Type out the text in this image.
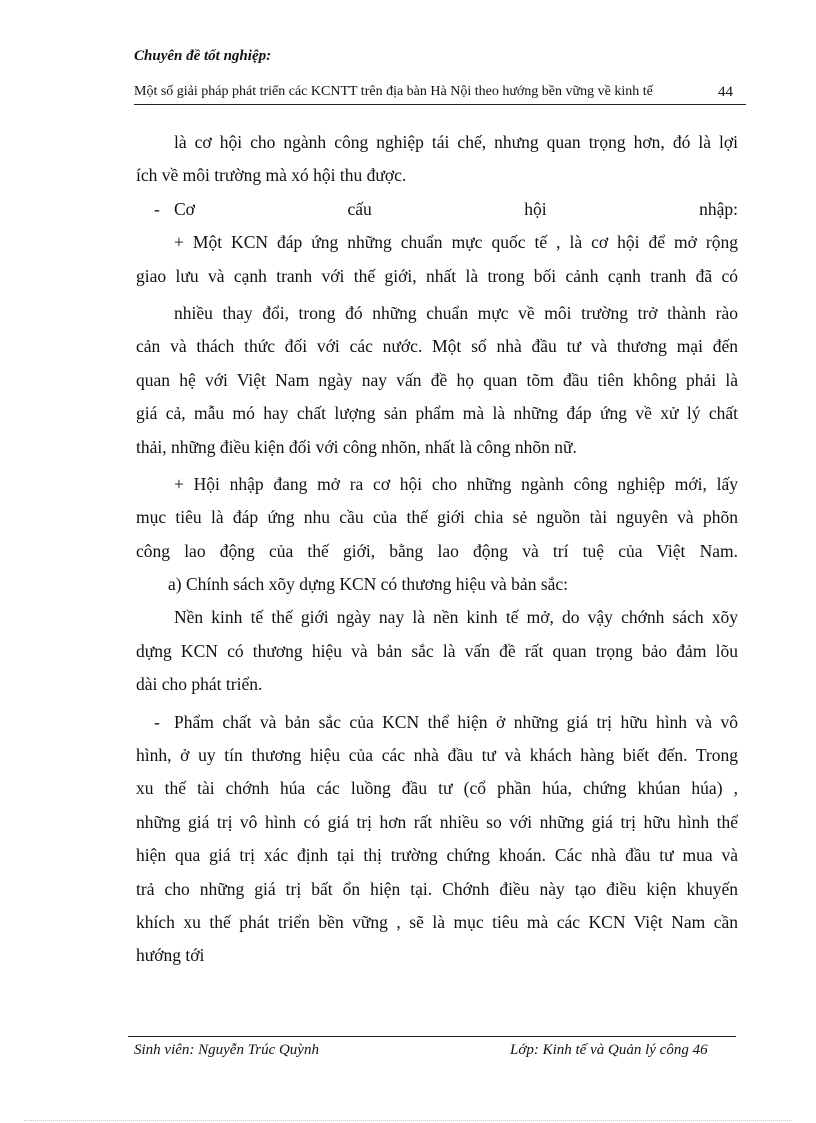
Chuyên đề tốt nghiệp:
Một số giải pháp phát triển các KCNTT trên địa bàn Hà Nội theo hướng bền vững về kinh tế	44
là cơ hội cho ngành công nghiệp tái chế, nhưng quan trọng hơn, đó là lợi
ích về môi trường mà xó hội thu được.
- Cơ cấu hội nhập:
+ Một KCN đáp ứng những chuẩn mực quốc tế , là cơ hội để mở rộng
giao lưu và cạnh tranh với thế giới, nhất là trong bối cảnh cạnh tranh đã có
nhiều thay đổi, trong đó những chuẩn mực về môi trường trở thành rào
cản và thách thức đối với các nước. Một số nhà đầu tư và thương mại đến
quan hệ với Việt Nam ngày nay vấn đề họ quan tõm đầu tiên không phải là
giá cả, mẫu mó hay chất lượng sản phẩm mà là những đáp ứng về xử lý chất
thải, những điều kiện đối với công nhõn, nhất là công nhõn nữ.
+ Hội nhập đang mở ra cơ hội cho những ngành công nghiệp mới, lấy
mục tiêu là đáp ứng nhu cầu của thế giới chia sẻ nguồn tài nguyên và phõn
công lao động của thế giới, bằng lao động và trí tuệ của Việt Nam.
a) Chính sách xõy dựng KCN có thương hiệu và bản sắc:
Nền kinh tế thế giới ngày nay là nền kinh tế mở, do vậy chớnh sách xõy
dựng KCN có thương hiệu và bản sắc là vấn đề rất quan trọng bảo đảm lõu
dài cho phát triển.
- Phẩm chất và bản sắc của KCN thể hiện ở những giá trị hữu hình và vô
hình, ở uy tín thương hiệu của các nhà đầu tư và khách hàng biết đến. Trong
xu thế tài chớnh húa các luồng đầu tư (cổ phần húa, chứng khúan húa) ,
những giá trị vô hình có giá trị hơn rất nhiều so với những giá trị hữu hình thể
hiện qua giá trị xác định tại thị trường chứng khoán. Các nhà đầu tư mua và
trả cho những giá trị bất ổn hiện tại. Chớnh điều này tạo điều kiện khuyến
khích xu thế phát triển bền vững , sẽ là mục tiêu mà các KCN Việt Nam cần
hướng tới
Sinh viên: Nguyễn Trúc Quỳnh	Lớp: Kinh tế và Quản lý công 46
